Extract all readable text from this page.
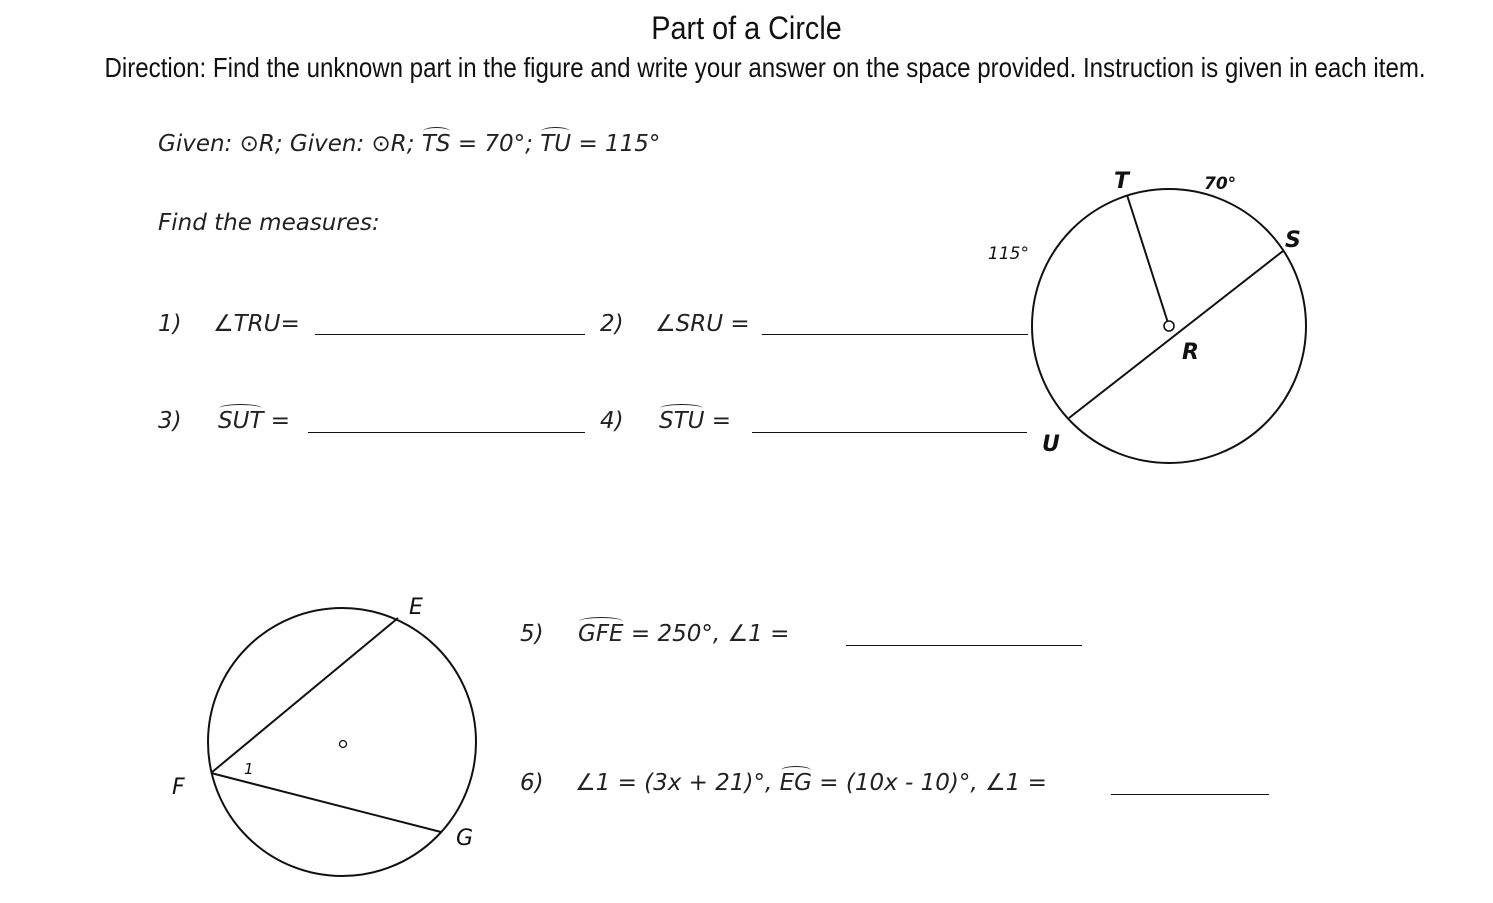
Part of a Circle
Direction: Find the unknown part in the figure and write your answer on the space provided. Instruction is given in each item.
Given: ⊙R; Given: ⊙R; TS = 70°; TU = 115°
Find the measures:
1) ∠TRU=	2) ∠SRU =
3) SUT =	4) STU =
5) GFE = 250°, ∠1 =
6) ∠1 = (3x + 21)°, EG = (10x - 10)°, ∠1 =
T
S
R
U
70°
115°
E
F
G
1
